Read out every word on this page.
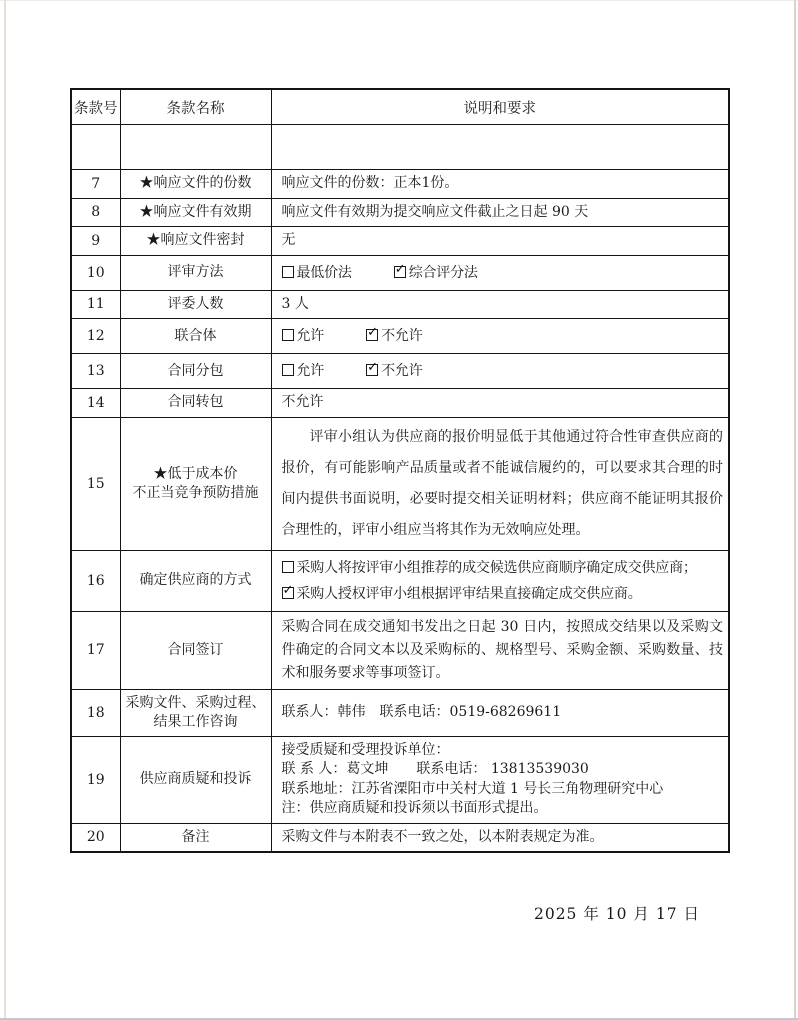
条款号	条款名称	说明和要求

7	★响应文件的份数	响应文件的份数：正本1份。

8	★响应文件有效期	响应文件有效期为提交响应文件截止之日起 90 天

9	★响应文件密封	无

10	评审方法	最低价法 ✓ 综合评分法

11	评委人数	3 人

12	联合体	允许 ✓ 不允许

13	合同分包	允许 ✓ 不允许

14	合同转包	不允许

15	★低于成本价
不正当竞争预防措施	评审小组认为供应商的报价明显低于其他通过符合性审查供应商的报价，有可能影响产品质量或者不能诚信履约的，可以要求其合理的时间内提供书面说明，必要时提交相关证明材料；供应商不能证明其报价合理性的，评审小组应当将其作为无效响应处理。

16	确定供应商的方式	采购人将按评审小组推荐的成交候选供应商顺序确定成交供应商；
✓ 采购人授权评审小组根据评审结果直接确定成交供应商。

17	合同签订	采购合同在成交通知书发出之日起 30 日内，按照成交结果以及采购文件确定的合同文本以及采购标的、规格型号、采购金额、采购数量、技术和服务要求等事项签订。

18	采购文件、采购过程、
结果工作咨询	联系人：韩伟　联系电话：0519-68269611

19	供应商质疑和投诉	接受质疑和受理投诉单位：
联 系 人：葛文坤　　联系电话： 13813539030
联系地址：江苏省溧阳市中关村大道 1 号长三角物理研究中心
注：供应商质疑和投诉须以书面形式提出。

20	备注	采购文件与本附表不一致之处，以本附表规定为准。
2025 年 10 月 17 日
